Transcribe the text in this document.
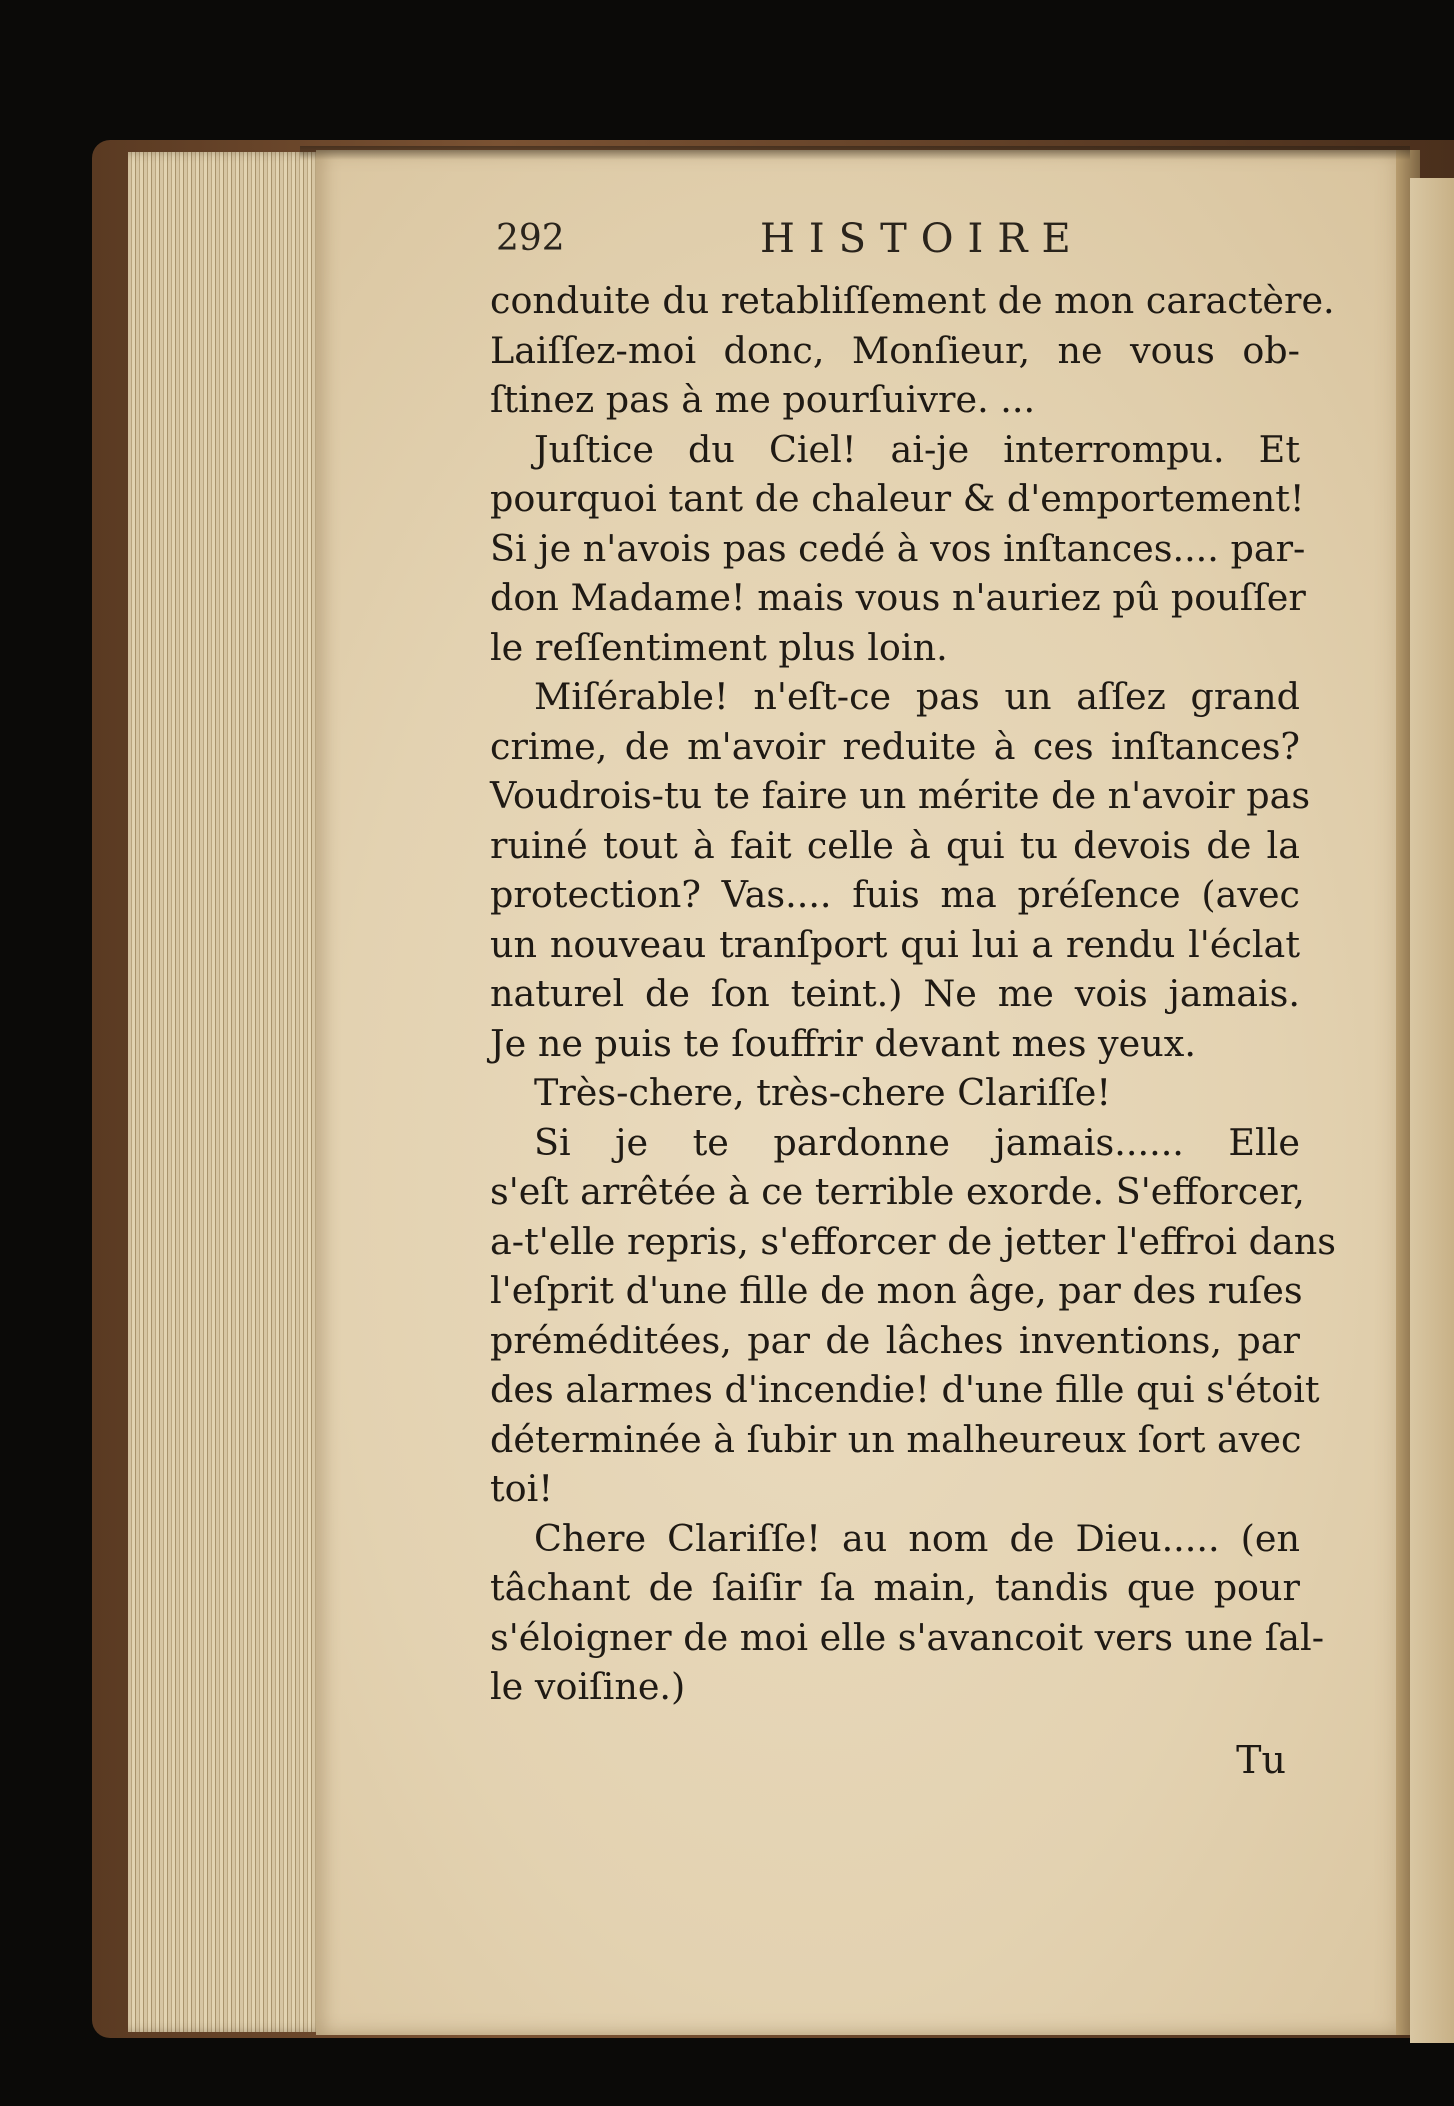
292	HISTOIRE
conduite du retabliſſement de mon caractère.
Laiſſez-moi donc, Monſieur, ne vous ob-
ſtinez pas à me pourſuivre. ...
Juſtice du Ciel! ai-je interrompu. Et
pourquoi tant de chaleur & d'emportement!
Si je n'avois pas cedé à vos inſtances.... par-
don Madame! mais vous n'auriez pû pouſſer
le reſſentiment plus loin.
Miſérable! n'eſt-ce pas un aſſez grand
crime, de m'avoir reduite à ces inſtances?
Voudrois-tu te faire un mérite de n'avoir pas
ruiné tout à fait celle à qui tu devois de la
protection? Vas.... fuis ma préſence (avec
un nouveau tranſport qui lui a rendu l'éclat
naturel de ſon teint.) Ne me vois jamais.
Je ne puis te ſouffrir devant mes yeux.
Très-chere, très-chere Clariſſe!
Si je te pardonne jamais...... Elle
s'eſt arrêtée à ce terrible exorde. S'efforcer,
a-t'elle repris, s'efforcer de jetter l'effroi dans
l'eſprit d'une fille de mon âge, par des ruſes
préméditées, par de lâches inventions, par
des alarmes d'incendie! d'une fille qui s'étoit
déterminée à ſubir un malheureux ſort avec
toi!
Chere Clariſſe! au nom de Dieu..... (en
tâchant de ſaiſir ſa main, tandis que pour
s'éloigner de moi elle s'avancoit vers une ſal-
le voiſine.)
Tu
